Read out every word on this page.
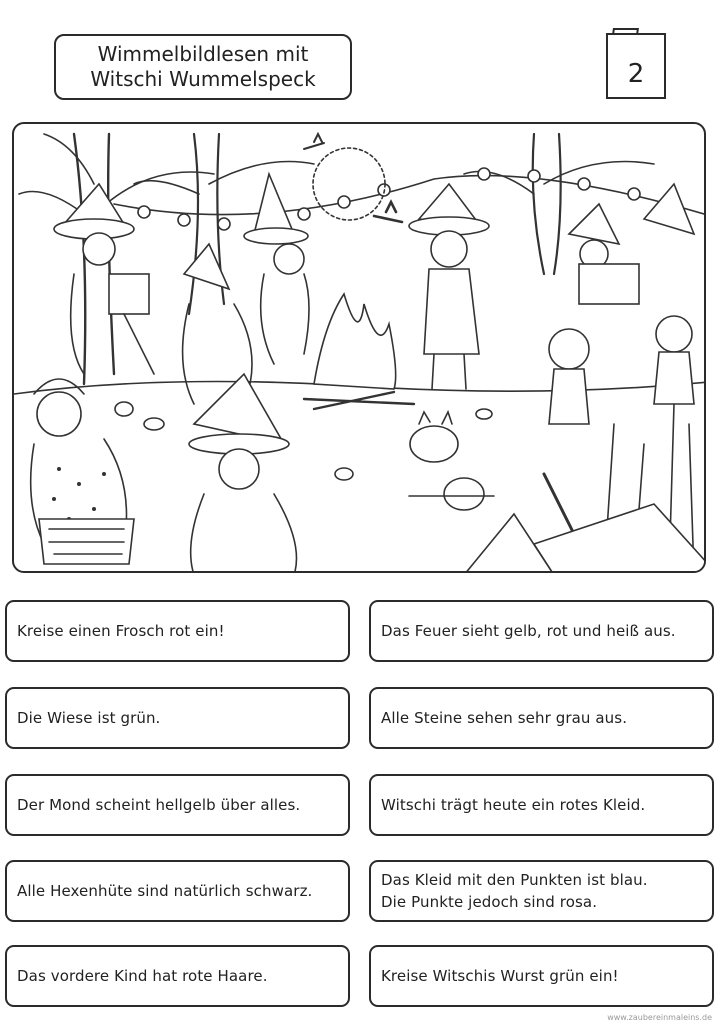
Wimmelbildlesen mit
Witschi Wummelspeck	2
Kreise einen Frosch rot ein!	Das Feuer sieht gelb, rot und heiß aus.
Die Wiese ist grün.	Alle Steine sehen sehr grau aus.
Der Mond scheint hellgelb über alles.	Witschi trägt heute ein rotes Kleid.
Alle Hexenhüte sind natürlich schwarz.
Das Kleid mit den Punkten ist blau.
Die Punkte jedoch sind rosa.
Das vordere Kind hat rote Haare.	Kreise Witschis Wurst grün ein!
www.zaubereinmaleins.de
